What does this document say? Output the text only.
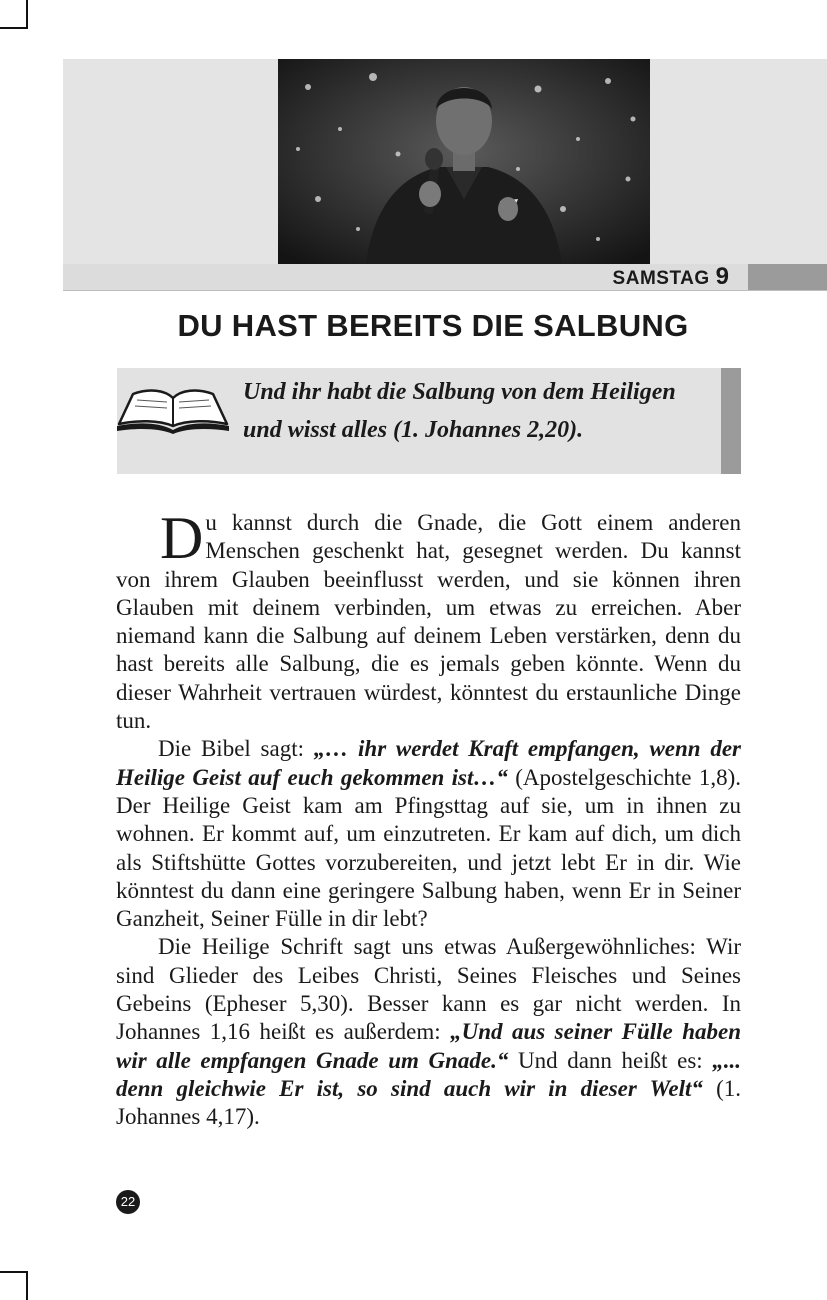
SAMSTAG 9
DU HAST BEREITS DIE SALBUNG
Und ihr habt die Salbung von dem Heiligen
und wisst alles (1. Johannes 2,20).

Du kannst durch die Gnade, die Gott einem anderen Menschen geschenkt hat, gesegnet werden. Du kannst von ihrem Glauben beeinflusst werden, und sie können ihren Glauben mit deinem verbinden, um etwas zu erreichen. Aber niemand kann die Salbung auf deinem Leben verstärken, denn du hast bereits alle Salbung, die es jemals geben könnte. Wenn du dieser Wahrheit vertrauen würdest, könntest du erstaunliche Dinge tun.

Die Bibel sagt: „… ihr werdet Kraft empfangen, wenn der Heilige Geist auf euch gekommen ist…“ (Apostelgeschichte 1,8). Der Heilige Geist kam am Pfingsttag auf sie, um in ihnen zu wohnen. Er kommt auf, um einzutreten. Er kam auf dich, um dich als Stiftshütte Gottes vorzubereiten, und jetzt lebt Er in dir. Wie könntest du dann eine geringere Salbung haben, wenn Er in Seiner Ganzheit, Seiner Fülle in dir lebt?

Die Heilige Schrift sagt uns etwas Außergewöhnliches: Wir sind Glieder des Leibes Christi, Seines Fleisches und Seines Gebeins (Epheser 5,30). Besser kann es gar nicht werden. In Johannes 1,16 heißt es außerdem: „Und aus seiner Fülle haben wir alle empfangen Gnade um Gnade.“ Und dann heißt es: „... denn gleichwie Er ist, so sind auch wir in dieser Welt“ (1. Johannes 4,17).

22
